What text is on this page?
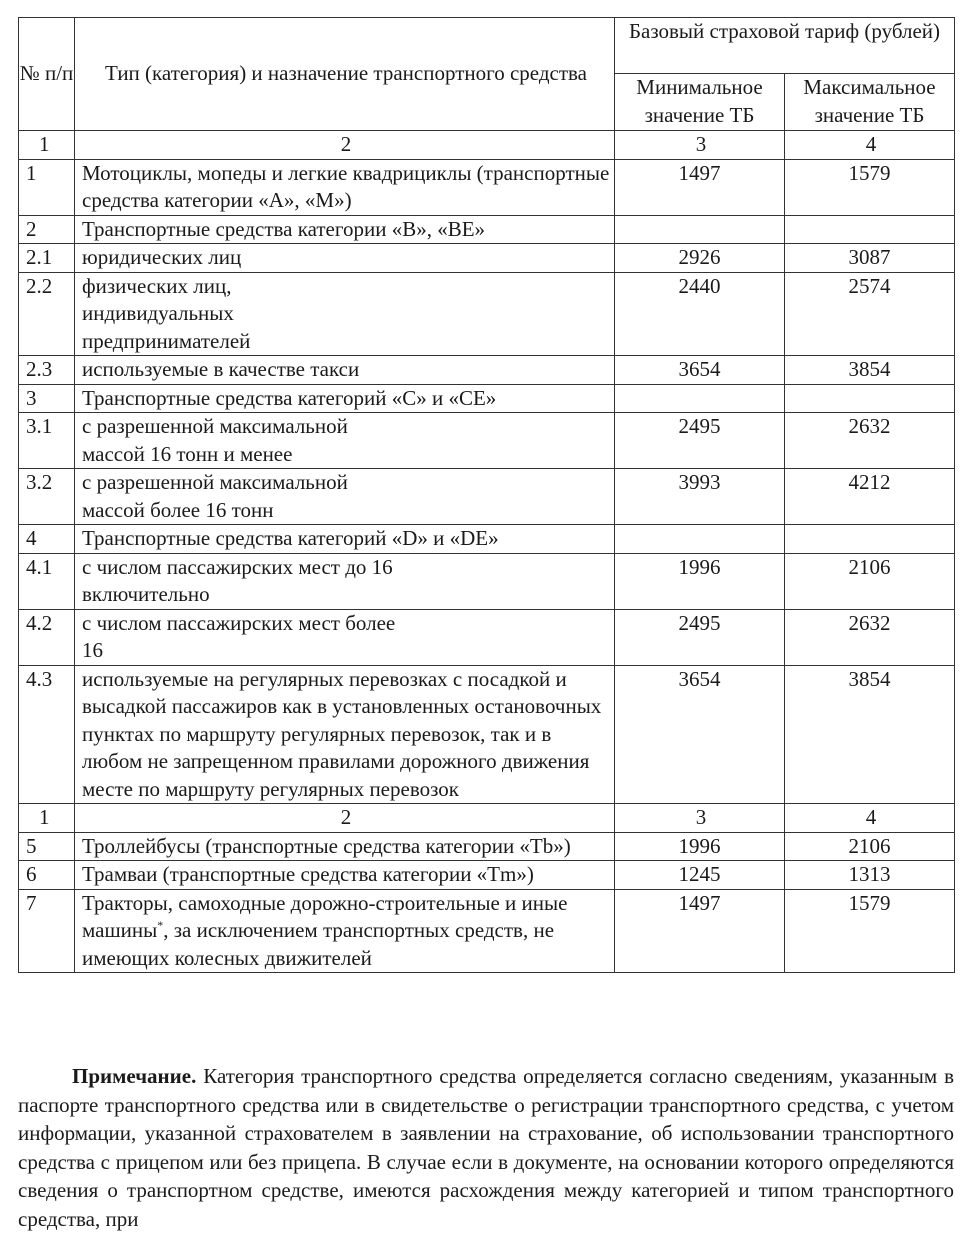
№ п/п	Тип (категория) и назначение транспортного средства	Базовый страховой тариф (рублей)	
		Минимальное значение ТБ	Максимальное значение ТБ
1	2	3	4
1	Мотоциклы, мопеды и легкие квадрициклы (транспортные средства категории «А», «М»)	1497	1579
2	Транспортные средства категории «B», «BE»		
2.1	юридических лиц	2926	3087
2.2	физических лиц, индивидуальных предпринимателей	2440	2574
2.3	используемые в качестве такси	3654	3854
3	Транспортные средства категорий «C» и «CE»		
3.1	с разрешенной максимальной массой 16 тонн и менее	2495	2632
3.2	с разрешенной максимальной массой более 16 тонн	3993	4212
4	Транспортные средства категорий «D» и «DE»		
4.1	с числом пассажирских мест до 16 включительно	1996	2106
4.2	с числом пассажирских мест более 16	2495	2632
4.3	используемые на регулярных перевозках с посадкой и высадкой пассажиров как в установленных остановочных пунктах по маршруту регулярных перевозок, так и в любом не запрещенном правилами дорожного движения месте по маршруту регулярных перевозок	3654	3854
1	2	3	4
5	Троллейбусы (транспортные средства категории «Tb»)	1996	2106
6	Трамваи (транспортные средства категории «Tm»)	1245	1313
7	Тракторы, самоходные дорожно-строительные и иные машины*, за исключением транспортных средств, не имеющих колесных движителей	1497	1579

Примечание. Категория транспортного средства определяется согласно сведениям, указанным в паспорте транспортного средства или в свидетельстве о регистрации транспортного средства, с учетом информации, указанной страхователем в заявлении на страхование, об использовании транспортного средства с прицепом или без прицепа. В случае если в документе, на основании которого определяются сведения о транспортном средстве, имеются расхождения между категорией и типом транспортного средства, при
